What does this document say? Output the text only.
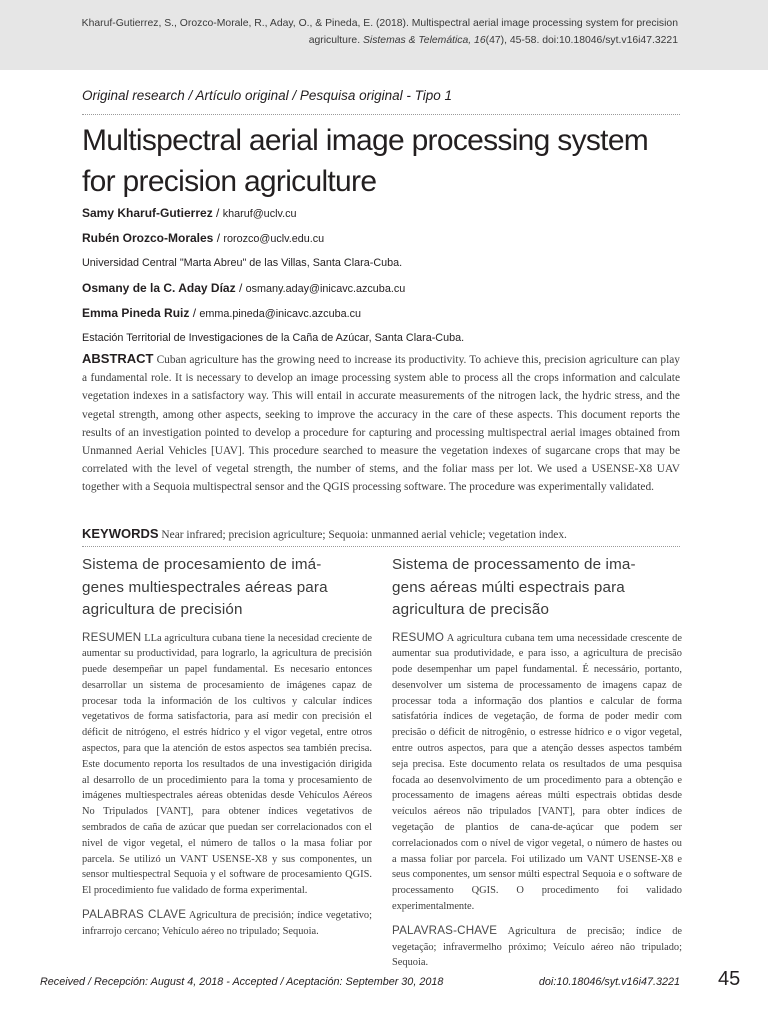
Kharuf-Gutierrez, S., Orozco-Morale, R., Aday, O., & Pineda, E. (2018). Multispectral aerial image processing system for precision
agriculture. Sistemas & Telemática, 16(47), 45-58. doi:10.18046/syt.v16i47.3221
Original research / Artículo original / Pesquisa original - Tipo 1
Multispectral aerial image processing system
for precision agriculture
Samy Kharuf-Gutierrez / kharuf@uclv.cu
Rubén Orozco-Morales / rorozco@uclv.edu.cu
Universidad Central "Marta Abreu" de las Villas, Santa Clara-Cuba.
Osmany de la C. Aday Díaz / osmany.aday@inicavc.azcuba.cu
Emma Pineda Ruiz / emma.pineda@inicavc.azcuba.cu
Estación Territorial de Investigaciones de la Caña de Azúcar, Santa Clara-Cuba.

ABSTRACT Cuban agriculture has the growing need to increase its productivity. To achieve this, precision agriculture can play a fundamental role. It is necessary to develop an image processing system able to process all the crops information and calculate vegetation indexes in a satisfactory way. This will entail in accurate measurements of the nitrogen lack, the hydric stress, and the vegetal strength, among other aspects, seeking to improve the accuracy in the care of these aspects. This document reports the results of an investigation pointed to develop a procedure for capturing and processing multispectral aerial images obtained from Unmanned Aerial Vehicles [UAV]. This procedure searched to measure the vegetation indexes of sugarcane crops that may be correlated with the level of vegetal strength, the number of stems, and the foliar mass per lot. We used a USENSE-X8 UAV together with a Sequoia multispectral sensor and the QGIS processing software. The procedure was experimentally validated.

KEYWORDS Near infrared; precision agriculture; Sequoia: unmanned aerial vehicle; vegetation index.

Sistema de procesamiento de imá-
genes multiespectrales aéreas para
agricultura de precisión

RESUMEN LLa agricultura cubana tiene la necesidad creciente de aumentar su productividad, para lograrlo, la agricultura de precisión puede desempeñar un papel fundamental. Es necesario entonces desarrollar un sistema de procesamiento de imágenes capaz de procesar toda la información de los cultivos y calcular índices vegetativos de forma satisfactoria, para así medir con precisión el déficit de nitrógeno, el estrés hídrico y el vigor vegetal, entre otros aspectos, para que la atención de estos aspectos sea también precisa. Este documento reporta los resultados de una investigación dirigida al desarrollo de un procedimiento para la toma y procesamiento de imágenes multiespectrales aéreas obtenidas desde Vehículos Aéreos No Tripulados [VANT], para obtener índices vegetativos de sembrados de caña de azúcar que puedan ser correlacionados con el nivel de vigor vegetal, el número de tallos o la masa foliar por parcela. Se utilizó un VANT USENSE-X8 y sus componentes, un sensor multiespectral Sequoia y el software de procesamiento QGIS. El procedimiento fue validado de forma experimental.

PALABRAS CLAVE Agricultura de precisión; índice vegetativo; infrarrojo cercano; Vehículo aéreo no tripulado; Sequoia.

Sistema de processamento de ima-
gens aéreas múlti espectrais para
agricultura de precisão

RESUMO A agricultura cubana tem uma necessidade crescente de aumentar sua produtividade, e para isso, a agricultura de precisão pode desempenhar um papel fundamental. É necessário, portanto, desenvolver um sistema de processamento de imagens capaz de processar toda a informação dos plantios e calcular de forma satisfatória índices de vegetação, de forma de poder medir com precisão o déficit de nitrogênio, o estresse hídrico e o vigor vegetal, entre outros aspectos, para que a atenção desses aspectos também seja precisa. Este documento relata os resultados de uma pesquisa focada ao desenvolvimento de um procedimento para a obtenção e processamento de imagens aéreas múlti espectrais obtidas desde veículos aéreos não tripulados [VANT], para obter índices de vegetação de plantios de cana-de-açúcar que podem ser correlacionados com o nível de vigor vegetal, o número de hastes ou a massa foliar por parcela. Foi utilizado um VANT USENSE-X8 e seus componentes, um sensor múlti espectral Sequoia e o software de processamento QGIS. O procedimento foi validado experimentalmente.

PALAVRAS-CHAVE Agricultura de precisão; índice de vegetação; infravermelho próximo; Veículo aéreo não tripulado; Sequoia.

Received / Recepción: August 4, 2018 - Accepted / Aceptación: September 30, 2018	doi:10.18046/syt.v16i47.3221 45
